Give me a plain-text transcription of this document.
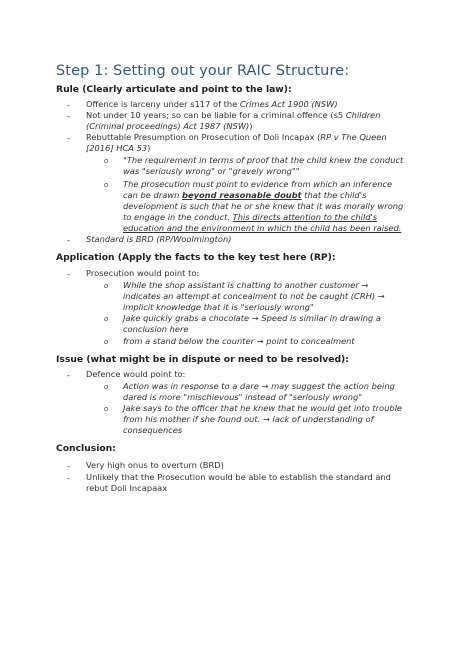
Step 1: Setting out your RAIC Structure:
Rule (Clearly articulate and point to the law):
- Offence is larceny under s117 of the Crimes Act 1900 (NSW)
- Not under 10 years; so can be liable for a criminal offence (s5 Children
(Criminal proceedings) Act 1987 (NSW))
- Rebuttable Presumption on Prosecution of Doli Incapax (RP v The Queen
[2016] HCA 53)
o "The requirement in terms of proof that the child knew the conduct
was "seriously wrong" or "gravely wrong""
o The prosecution must point to evidence from which an inference
can be drawn beyond reasonable doubt that the child's
development is such that he or she knew that it was morally wrong
to engage in the conduct. This directs attention to the child's
education and the environment in which the child has been raised.
- Standard is BRD (RP/Woolmington)
Application (Apply the facts to the key test here (RP):
- Prosecution would point to:
o While the shop assistant is chatting to another customer →
indicates an attempt at concealment to not be caught (CRH) →
implicit knowledge that it is "seriously wrong"
o Jake quickly grabs a chocolate → Speed is similar in drawing a
conclusion here
o from a stand below the counter → point to concealment
Issue (what might be in dispute or need to be resolved):
- Defence would point to:
o Action was in response to a dare → may suggest the action being
dared is more "mischievous" instead of "seriously wrong"
o Jake says to the officer that he knew that he would get into trouble
from his mother if she found out. → lack of understanding of
consequences
Conclusion:
- Very high onus to overturn (BRD)
- Unlikely that the Prosecution would be able to establish the standard and
rebut Doli Incapaax
